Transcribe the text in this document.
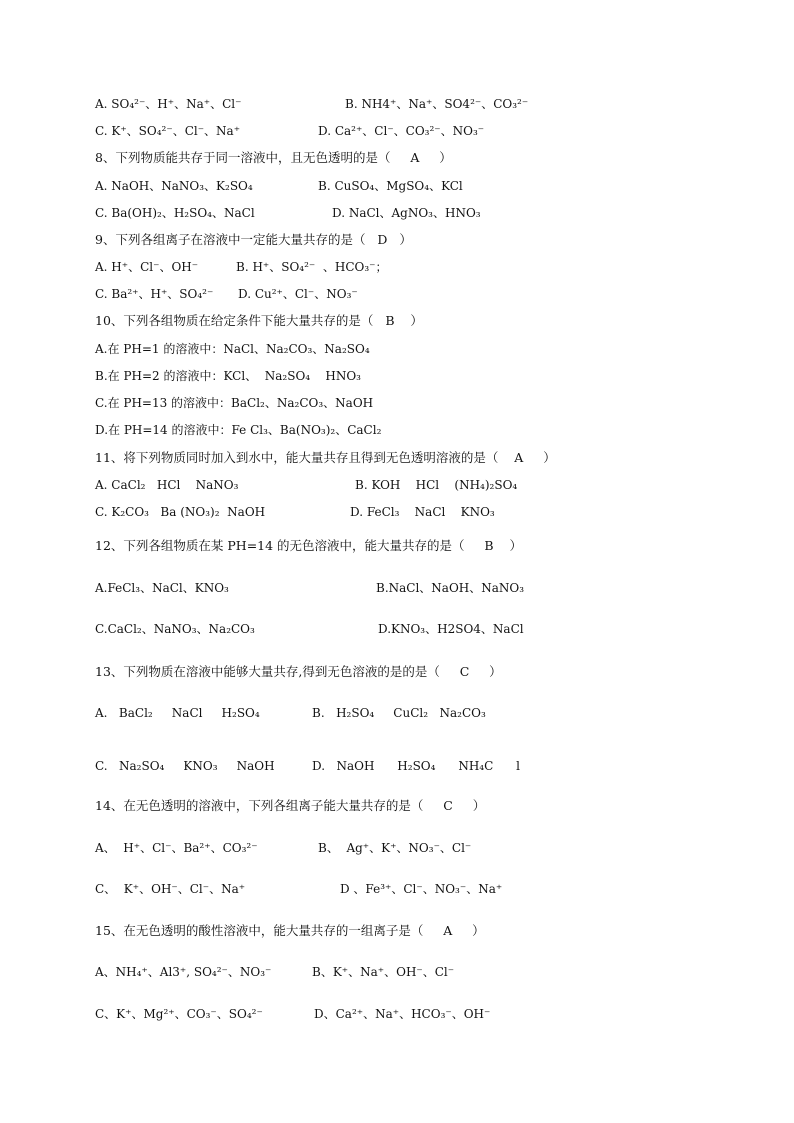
A. SO₄²⁻、H⁺、Na⁺、Cl⁻	B. NH4⁺、Na⁺、SO4²⁻、CO₃²⁻
C. K⁺、SO₄²⁻、Cl⁻、Na⁺	D. Ca²⁺、Cl⁻、CO₃²⁻、NO₃⁻
8、下列物质能共存于同一溶液中，且无色透明的是（     A     ）
A. NaOH、NaNO₃、K₂SO₄	B. CuSO₄、MgSO₄、KCl
C. Ba(OH)₂、H₂SO₄、NaCl	D. NaCl、AgNO₃、HNO₃
9、下列各组离子在溶液中一定能大量共存的是（   D   ）
A. H⁺、Cl⁻、OH⁻	B. H⁺、SO₄²⁻  、HCO₃⁻；
C. Ba²⁺、H⁺、SO₄²⁻ D. Cu²⁺、Cl⁻、NO₃⁻
10、下列各组物质在给定条件下能大量共存的是（   B    ）
A.在 PH=1 的溶液中：NaCl、Na₂CO₃、Na₂SO₄
B.在 PH=2 的溶液中：KCl、  Na₂SO₄    HNO₃
C.在 PH=13 的溶液中：BaCl₂、Na₂CO₃、NaOH
D.在 PH=14 的溶液中：Fe Cl₃、Ba(NO₃)₂、CaCl₂
11、将下列物质同时加入到水中，能大量共存且得到无色透明溶液的是（    A     ）
A. CaCl₂   HCl    NaNO₃	B. KOH    HCl    (NH₄)₂SO₄
C. K₂CO₃   Ba (NO₃)₂  NaOH	D. FeCl₃    NaCl    KNO₃
12、下列各组物质在某 PH=14 的无色溶液中，能大量共存的是（     B    ）
A.FeCl₃、NaCl、KNO₃	B.NaCl、NaOH、NaNO₃
C.CaCl₂、NaNO₃、Na₂CO₃	D.KNO₃、H2SO4、NaCl
13、下列物质在溶液中能够大量共存,得到无色溶液的是的是（     C     ）
A.   BaCl₂     NaCl     H₂SO₄	B.   H₂SO₄     CuCl₂   Na₂CO₃
C.   Na₂SO₄     KNO₃     NaOH	D.   NaOH      H₂SO₄      NH₄C      l
14、在无色透明的溶液中，下列各组离子能大量共存的是（     C     ）
A、  H⁺、Cl⁻、Ba²⁺、CO₃²⁻	B、  Ag⁺、K⁺、NO₃⁻、Cl⁻
C、  K⁺、OH⁻、Cl⁻、Na⁺	D 、Fe³⁺、Cl⁻、NO₃⁻、Na⁺
15、在无色透明的酸性溶液中，能大量共存的一组离子是（     A     ）
A、NH₄⁺、Al3⁺, SO₄²⁻、NO₃⁻	B、K⁺、Na⁺、OH⁻、Cl⁻
C、K⁺、Mg²⁺、CO₃⁻、SO₄²⁻	D、Ca²⁺、Na⁺、HCO₃⁻、OH⁻
